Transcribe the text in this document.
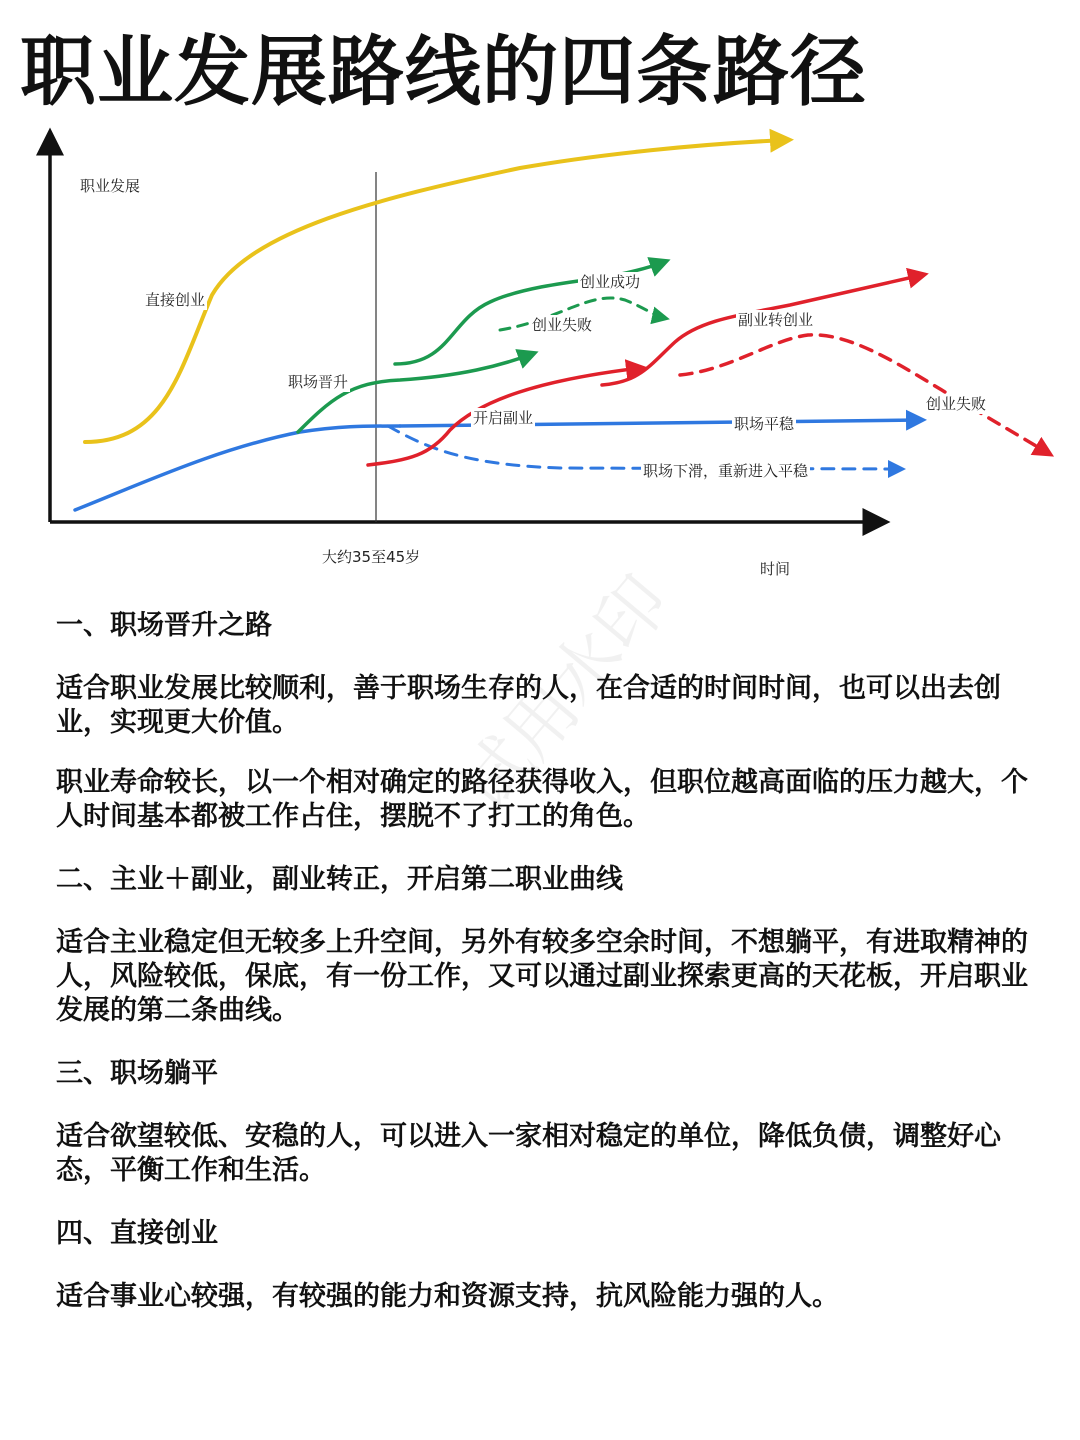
职业发展路线的四条路径
职业发展
直接创业
职场晋升
创业成功
创业失败
开启副业
副业转创业
创业失败
职场平稳
职场下滑，重新进入平稳
大约35至45岁
时间
试用水印

一、职场晋升之路

适合职业发展比较顺利，善于职场生存的人，在合适的时间时间，也可以出去创业，实现更大价值。

职业寿命较长，以一个相对确定的路径获得收入，但职位越高面临的压力越大，个人时间基本都被工作占住，摆脱不了打工的角色。

二、主业＋副业，副业转正，开启第二职业曲线

适合主业稳定但无较多上升空间，另外有较多空余时间，不想躺平，有进取精神的人，风险较低，保底，有一份工作，又可以通过副业探索更高的天花板，开启职业发展的第二条曲线。

三、职场躺平

适合欲望较低、安稳的人，可以进入一家相对稳定的单位，降低负债，调整好心态，平衡工作和生活。

四、直接创业

适合事业心较强，有较强的能力和资源支持，抗风险能力强的人。
